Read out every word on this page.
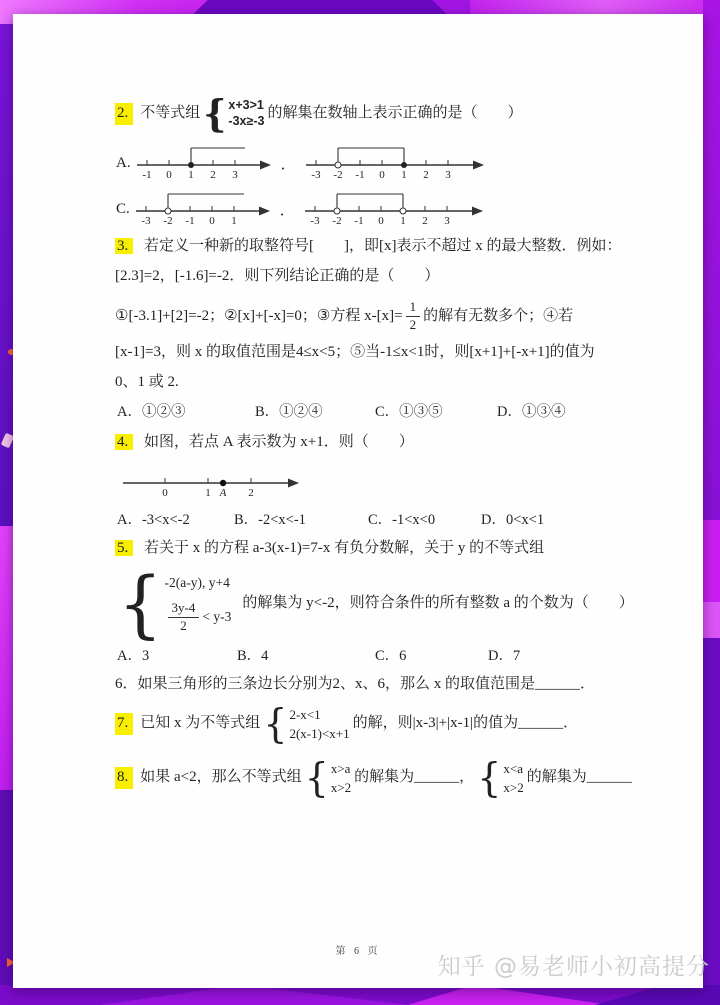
2. 不等式组 { x+3>1
-3x≥-3 的解集在数轴上表示正确的是（　　）
A.
-1 0 1 2 3
．
-3 -2 -1 0 1 2 3
C.
-3 -2 -1 0 1
．
-3 -2 -1 0 1 2 3
3. 若定义一种新的取整符号[　　]，即[x]表示不超过 x 的最大整数．例如：
[2.3]=2，[-1.6]=-2．则下列结论正确的是（　　）
①[-3.1]+[2]=-2；②[x]+[-x]=0；③方程 $x-[x]= \frac{1}{2}$ 的解有无数多个；④若
[x-1]=3，则 x 的取值范围是4≤x<5；⑤当-1≤x<1时，则[x+1]+[-x+1]的值为
0、1 或 2.
A．①②③	B．①②④	C．①③⑤	D．①③④
4. 如图，若点 A 表示数为 x+1．则（　　）
0	1	2
A
A．-3<x<-2	B．-2<x<-1	C．-1<x<0	D．0<x<1
5. 若关于 x 的方程 a-3(x-1)=7-x 有负分数解，关于 y 的不等式组
{ -2(a-y), y+4
$\frac{3y-4}{2} < y-3$
的解集为 y<-2，则符合条件的所有整数 a 的个数为（　　）
A．3	B．4	C．6	D．7
6．如果三角形的三条边长分别为2、x、6，那么 x 的取值范围是______．
7. 已知 x 为不等式组 { 2-x<1
2(x-1)<x+1
的解，则|x-3|+|x-1|的值为______．
8. 如果 a<2，那么不等式组 { x>a
x>2
的解集为______， { x<a
x>2
的解集为______
第 6 页
知乎 @易老师小初高提分
